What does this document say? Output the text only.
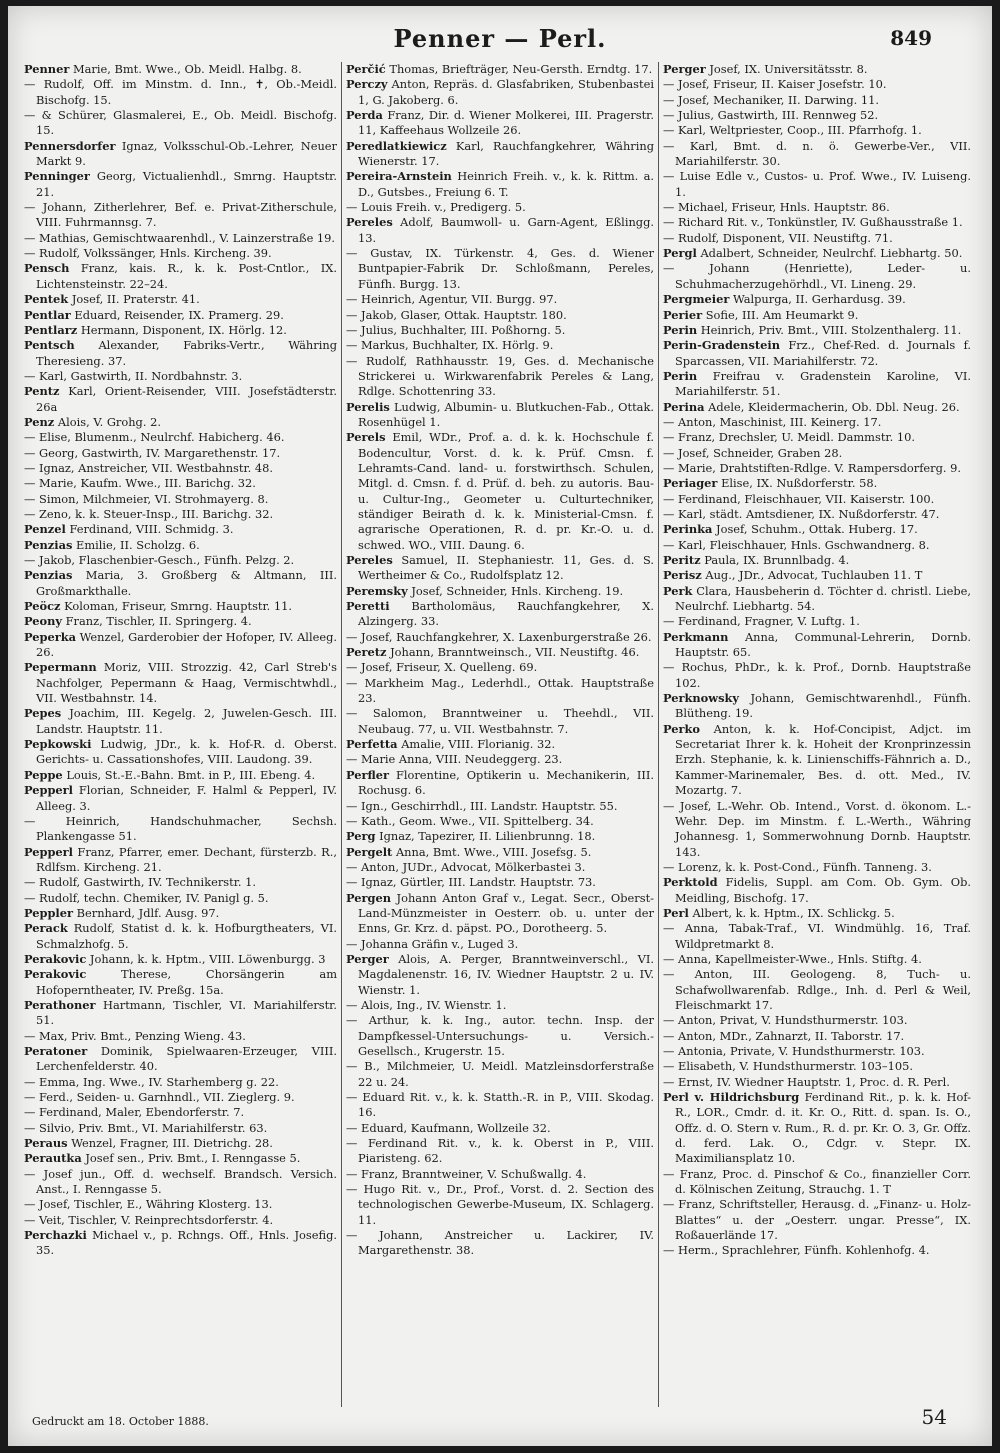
Penner — Perl.	849

Penner Marie, Bmt. Wwe., Ob. Meidl. Halbg. 8.

— Rudolf, Off. im Minstm. d. Inn., ✝, Ob.-Meidl. Bischofg. 15.

— & Schürer, Glasmalerei, E., Ob. Meidl. Bischofg. 15.

Pennersdorfer Ignaz, Volksschul-Ob.-Lehrer, Neuer Markt 9.

Penninger Georg, Victualienhdl., Smrng. Hauptstr. 21.

— Johann, Zitherlehrer, Bef. e. Privat-Zitherschule, VIII. Fuhrmannsg. 7.

— Mathias, Gemischtwaarenhdl., V. Lainzerstraße 19.

— Rudolf, Volkssänger, Hnls. Kircheng. 39.

Pensch Franz, kais. R., k. k. Post-Cntlor., IX. Lichtensteinstr. 22–24.

Pentek Josef, II. Praterstr. 41.

Pentlar Eduard, Reisender, IX. Pramerg. 29.

Pentlarz Hermann, Disponent, IX. Hörlg. 12.

Pentsch Alexander, Fabriks-Vertr., Währing Theresieng. 37.

— Karl, Gastwirth, II. Nordbahnstr. 3.

Pentz Karl, Orient-Reisender, VIII. Josefstädterstr. 26a

Penz Alois, V. Grohg. 2.

— Elise, Blumenm., Neulrchf. Habicherg. 46.

— Georg, Gastwirth, IV. Margarethenstr. 17.

— Ignaz, Anstreicher, VII. Westbahnstr. 48.

— Marie, Kaufm. Wwe., III. Barichg. 32.

— Simon, Milchmeier, VI. Strohmayerg. 8.

— Zeno, k. k. Steuer-Insp., III. Barichg. 32.

Penzel Ferdinand, VIII. Schmidg. 3.

Penzias Emilie, II. Scholzg. 6.

— Jakob, Flaschenbier-Gesch., Fünfh. Pelzg. 2.

Penzias Maria, 3. Großberg & Altmann, III. Großmarkthalle.

Peöcz Koloman, Friseur, Smrng. Hauptstr. 11.

Peony Franz, Tischler, II. Springerg. 4.

Peperka Wenzel, Garderobier der Hofoper, IV. Alleeg. 26.

Pepermann Moriz, VIII. Strozzig. 42, Carl Streb's Nachfolger, Pepermann & Haag, Vermischtwhdl., VII. Westbahnstr. 14.

Pepes Joachim, III. Kegelg. 2, Juwelen-Gesch. III. Landstr. Hauptstr. 11.

Pepkowski Ludwig, JDr., k. k. Hof-R. d. Oberst. Gerichts- u. Cassationshofes, VIII. Laudong. 39.

Peppe Louis, St.-E.-Bahn. Bmt. in P., III. Ebeng. 4.

Pepperl Florian, Schneider, F. Halml & Pepperl, IV. Alleeg. 3.

— Heinrich, Handschuhmacher, Sechsh. Plankengasse 51.

Pepperl Franz, Pfarrer, emer. Dechant, fürsterzb. R., Rdlfsm. Kircheng. 21.

— Rudolf, Gastwirth, IV. Technikerstr. 1.

— Rudolf, techn. Chemiker, IV. Panigl g. 5.

Peppler Bernhard, Jdlf. Ausg. 97.

Perack Rudolf, Statist d. k. k. Hofburgtheaters, VI. Schmalzhofg. 5.

Perakovic Johann, k. k. Hptm., VIII. Löwenburgg. 3

Perakovic	Therese, Chorsängerin am Hofoperntheater, IV. Preßg. 15a.

Perathoner Hartmann, Tischler, VI. Mariahilferstr. 51.

— Max, Priv. Bmt., Penzing Wieng. 43.

Peratoner Dominik, Spielwaaren-Erzeuger, VIII. Lerchenfelderstr. 40.

— Emma, Ing. Wwe., IV. Starhemberg g. 22.

— Ferd., Seiden- u. Garnhndl., VII. Zieglerg. 9.

— Ferdinand, Maler, Ebendorferstr. 7.

— Silvio, Priv. Bmt., VI. Mariahilferstr. 63.

Peraus Wenzel, Fragner, III. Dietrichg. 28.

Perautka Josef sen., Priv. Bmt., I. Renngasse 5.

— Josef jun., Off. d. wechself. Brandsch. Versich. Anst., I. Renngasse 5.

— Josef, Tischler, E., Währing Klosterg. 13.

— Veit, Tischler, V. Reinprechtsdorferstr. 4.

Perchazki Michael v., p. Rchngs. Off., Hnls. Josefig. 35.

Perčić Thomas, Briefträger, Neu-Gersth. Erndtg. 17.

Perczy Anton, Repräs. d. Glasfabriken, Stubenbastei 1, G. Jakoberg. 6.

Perda Franz, Dir. d. Wiener Molkerei, III. Pragerstr. 11, Kaffeehaus Wollzeile 26.

Peredlatkiewicz Karl, Rauchfangkehrer, Währing Wienerstr. 17.

Pereira-Arnstein Heinrich Freih. v., k. k. Rittm. a. D., Gutsbes., Freiung 6. T.

— Louis Freih. v., Predigerg. 5.

Pereles Adolf, Baumwoll- u. Garn-Agent, Eßlingg. 13.

— Gustav, IX. Türkenstr. 4, Ges. d. Wiener Buntpapier-Fabrik Dr. Schloßmann, Pereles, Fünfh. Burgg. 13.

— Heinrich, Agentur, VII. Burgg. 97.

— Jakob, Glaser, Ottak. Hauptstr. 180.

— Julius, Buchhalter, III. Poßhorng. 5.

— Markus, Buchhalter, IX. Hörlg. 9.

— Rudolf, Rathhausstr. 19, Ges. d. Mechanische Strickerei u. Wirkwarenfabrik Pereles & Lang, Rdlge. Schottenring 33.

Perelis Ludwig, Albumin- u. Blutkuchen-Fab., Ottak. Rosenhügel 1.

Perels Emil, WDr., Prof. a. d. k. k. Hochschule f. Bodencultur, Vorst. d. k. k. Prüf. Cmsn. f. Lehramts-Cand. land- u. forstwirthsch. Schulen, Mitgl. d. Cmsn. f. d. Prüf. d. beh. zu autoris. Bau- u. Cultur-Ing., Geometer u. Culturtechniker, ständiger Beirath d. k. k. Ministerial-Cmsn. f. agrarische Operationen, R. d. pr. Kr.-O. u. d. schwed. WO., VIII. Daung. 6.

Pereles Samuel, II. Stephaniestr. 11, Ges. d. S. Wertheimer & Co., Rudolfsplatz 12.

Peremsky Josef, Schneider, Hnls. Kircheng. 19.

Peretti Bartholomäus, Rauchfangkehrer, X. Alzingerg. 33.

— Josef, Rauchfangkehrer, X. Laxenburgerstraße 26.

Peretz Johann, Branntweinsch., VII. Neustiftg. 46.

— Josef, Friseur, X. Quelleng. 69.

— Markheim Mag., Lederhdl., Ottak. Hauptstraße 23.

— Salomon, Branntweiner u. Theehdl., VII. Neubaug. 77, u. VII. Westbahnstr. 7.

Perfetta Amalie, VIII. Florianig. 32.

— Marie Anna, VIII. Neudeggerg. 23.

Perfler Florentine, Optikerin u. Mechanikerin, III. Rochusg. 6.

— Ign., Geschirrhdl., III. Landstr. Hauptstr. 55.

— Kath., Geom. Wwe., VII. Spittelberg. 34.

Perg Ignaz, Tapezirer, II. Lilienbrunng. 18.

Pergelt Anna, Bmt. Wwe., VIII. Josefsg. 5.

— Anton, JUDr., Advocat, Mölkerbastei 3.

— Ignaz, Gürtler, III. Landstr. Hauptstr. 73.

Pergen Johann Anton Graf v., Legat. Secr., Oberst-Land-Münzmeister in Oesterr. ob. u. unter der Enns, Gr. Krz. d. päpst. PO., Dorotheerg. 5.

— Johanna Gräfin v., Luged 3.

Perger Alois, A. Perger, Branntweinverschl., VI. Magdalenenstr. 16, IV. Wiedner Hauptstr. 2 u. IV. Wienstr. 1.

— Alois, Ing., IV. Wienstr. 1.

— Arthur, k. k. Ing., autor. techn. Insp. der Dampfkessel-Untersuchungs- u. Versich.-Gesellsch., Krugerstr. 15.

— B., Milchmeier, U. Meidl. Matzleinsdorferstraße 22 u. 24.

— Eduard Rit. v., k. k. Statth.-R. in P., VIII. Skodag. 16.

— Eduard, Kaufmann, Wollzeile 32.

— Ferdinand Rit. v., k. k. Oberst in P., VIII. Piaristeng. 62.

— Franz, Branntweiner, V. Schußwallg. 4.

— Hugo Rit. v., Dr., Prof., Vorst. d. 2. Section des technologischen Gewerbe-Museum, IX. Schlagerg. 11.

— Johann, Anstreicher u. Lackirer, IV. Margarethenstr. 38.

Perger Josef, IX. Universitätsstr. 8.

— Josef, Friseur, II. Kaiser Josefstr. 10.

— Josef, Mechaniker, II. Darwing. 11.

— Julius, Gastwirth, III. Rennweg 52.

— Karl, Weltpriester, Coop., III. Pfarrhofg. 1.

— Karl, Bmt. d. n. ö. Gewerbe-Ver., VII. Mariahilferstr. 30.

— Luise Edle v., Custos- u. Prof. Wwe., IV. Luiseng. 1.

— Michael, Friseur, Hnls. Hauptstr. 86.

— Richard Rit. v., Tonkünstler, IV. Gußhausstraße 1.

— Rudolf, Disponent, VII. Neustiftg. 71.

Pergl Adalbert, Schneider, Neulrchf. Liebhartg. 50.

— Johann (Henriette), Leder- u. Schuhmacherzugehörhdl., VI. Lineng. 29.

Pergmeier Walpurga, II. Gerhardusg. 39.

Perier Sofie, III. Am Heumarkt 9.

Perin Heinrich, Priv. Bmt., VIII. Stolzenthalerg. 11.

Perin-Gradenstein Frz., Chef-Red. d. Journals f. Sparcassen, VII. Mariahilferstr. 72.

Perin Freifrau v. Gradenstein Karoline, VI. Mariahilferstr. 51.

Perina Adele, Kleidermacherin, Ob. Dbl. Neug. 26.

— Anton, Maschinist, III. Keinerg. 17.

— Franz, Drechsler, U. Meidl. Dammstr. 10.

— Josef, Schneider, Graben 28.

— Marie, Drahtstiften-Rdlge. V. Rampersdorferg. 9.

Periager Elise, IX. Nußdorferstr. 58.

— Ferdinand, Fleischhauer, VII. Kaiserstr. 100.

— Karl, städt. Amtsdiener, IX. Nußdorferstr. 47.

Perinka Josef, Schuhm., Ottak. Huberg. 17.

— Karl, Fleischhauer, Hnls. Gschwandnerg. 8.

Peritz Paula, IX. Brunnlbadg. 4.

Perisz Aug., JDr., Advocat, Tuchlauben 11. T

Perk Clara, Hausbeherin d. Töchter d. christl. Liebe, Neulrchf. Liebhartg. 54.

— Ferdinand, Fragner, V. Luftg. 1.

Perkmann Anna, Communal-Lehrerin, Dornb. Hauptstr. 65.

— Rochus, PhDr., k. k. Prof., Dornb. Hauptstraße 102.

Perknowsky Johann, Gemischtwarenhdl., Fünfh. Blütheng. 19.

Perko Anton, k. k. Hof-Concipist, Adjct. im Secretariat Ihrer k. k. Hoheit der Kronprinzessin Erzh. Stephanie, k. k. Linienschiffs-Fähnrich a. D., Kammer-Marinemaler, Bes. d. ott. Med., IV. Mozartg. 7.

— Josef, L.-Wehr. Ob. Intend., Vorst. d. ökonom. L.-Wehr. Dep. im Minstm. f. L.-Werth., Währing Johannesg. 1, Sommerwohnung Dornb. Hauptstr. 143.

— Lorenz, k. k. Post-Cond., Fünfh. Tanneng. 3.

Perktold Fidelis, Suppl. am Com. Ob. Gym. Ob. Meidling, Bischofg. 17.

Perl Albert, k. k. Hptm., IX. Schlickg. 5.

— Anna, Tabak-Traf., VI. Windmühlg. 16, Traf. Wildpretmarkt 8.

— Anna, Kapellmeister-Wwe., Hnls. Stiftg. 4.

— Anton, III. Geologeng. 8, Tuch- u. Schafwollwarenfab. Rdlge., Inh. d. Perl & Weil, Fleischmarkt 17.

— Anton, Privat, V. Hundsthurmerstr. 103.

— Anton, MDr., Zahnarzt, II. Taborstr. 17.

— Antonia, Private, V. Hundsthurmerstr. 103.

— Elisabeth, V. Hundsthurmerstr. 103–105.

— Ernst, IV. Wiedner Hauptstr. 1, Proc. d. R. Perl.

Perl v. Hildrichsburg Ferdinand Rit., p. k. k. Hof-R., LOR., Cmdr. d. it. Kr. O., Ritt. d. span. Is. O., Offz. d. O. Stern v. Rum., R. d. pr. Kr. O. 3, Gr. Offz. d. ferd. Lak. O., Cdgr. v. Stepr. IX. Maximiliansplatz 10.

— Franz, Proc. d. Pinschof & Co., finanzieller Corr. d. Kölnischen Zeitung, Strauchg. 1. T

— Franz, Schriftsteller, Herausg. d. „Finanz- u. Holz-Blattes“ u. der „Oesterr. ungar. Presse“, IX. Roßauerlände 17.

— Herm., Sprachlehrer, Fünfh. Kohlenhofg. 4.

Gedruckt am 18. October 1888.	54
